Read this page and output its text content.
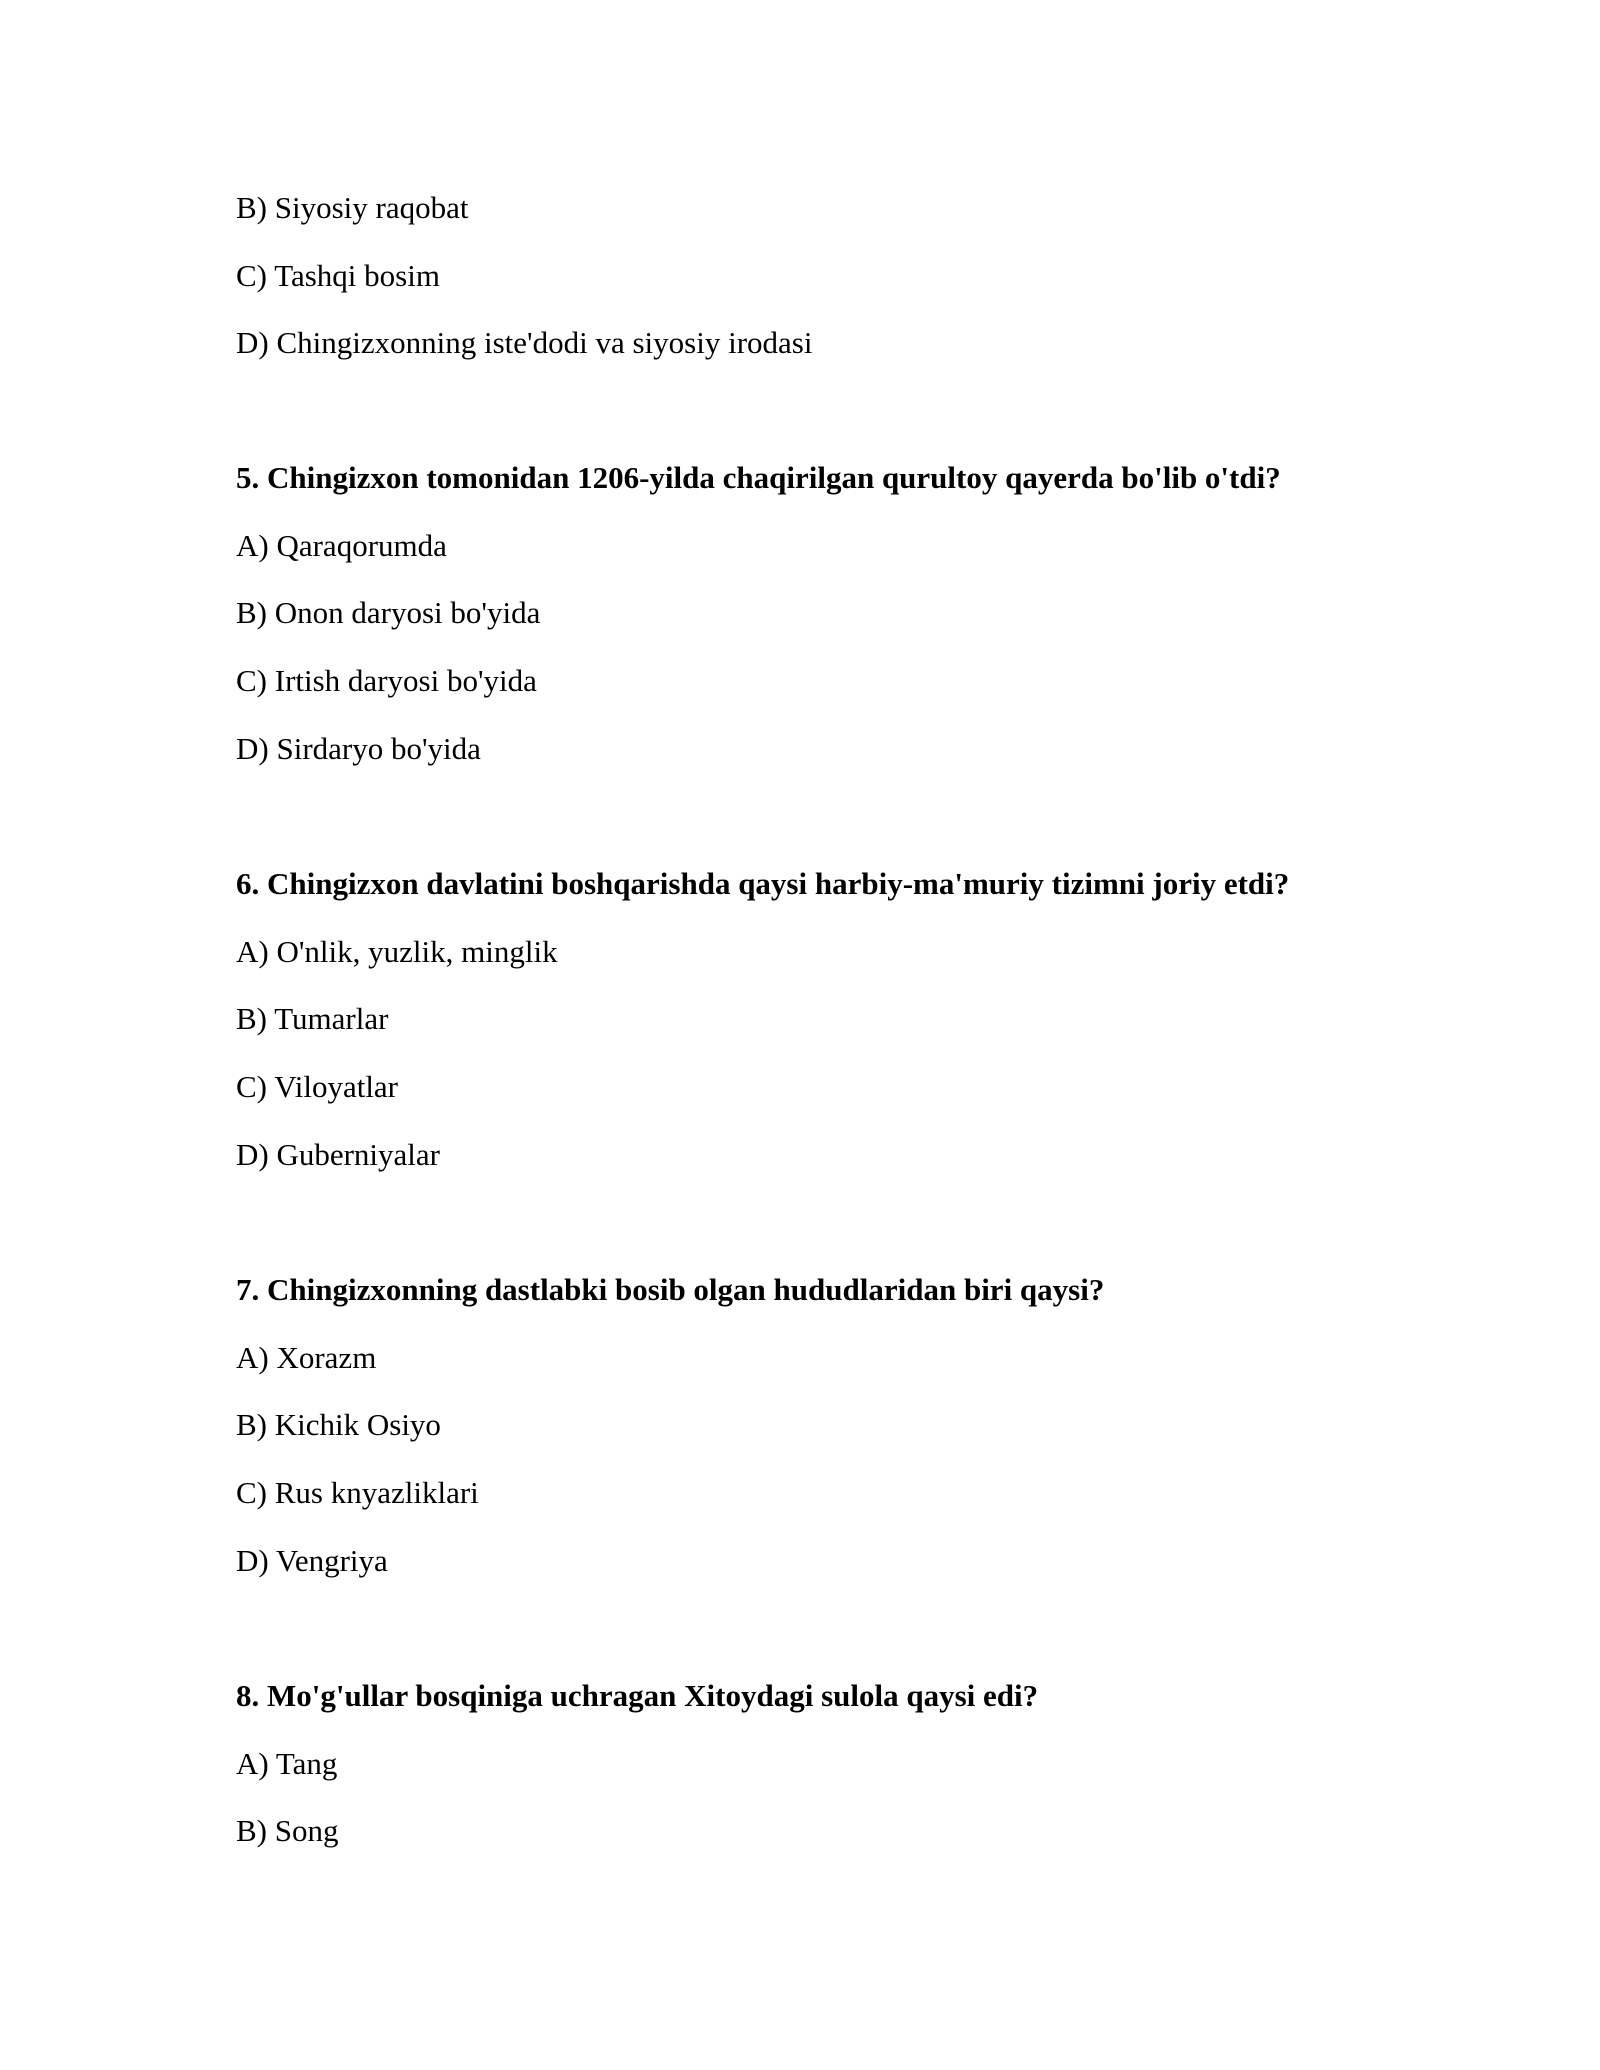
B) Siyosiy raqobat

C) Tashqi bosim

D) Chingizxonning iste'dodi va siyosiy irodasi

5. Chingizxon tomonidan 1206-yilda chaqirilgan qurultoy qayerda bo'lib o'tdi?

A) Qaraqorumda

B) Onon daryosi bo'yida

C) Irtish daryosi bo'yida

D) Sirdaryo bo'yida

6. Chingizxon davlatini boshqarishda qaysi harbiy-ma'muriy tizimni joriy etdi?

A) O'nlik, yuzlik, minglik

B) Tumarlar

C) Viloyatlar

D) Guberniyalar

7. Chingizxonning dastlabki bosib olgan hududlaridan biri qaysi?

A) Xorazm

B) Kichik Osiyo

C) Rus knyazliklari

D) Vengriya

8. Mo'g'ullar bosqiniga uchragan Xitoydagi sulola qaysi edi?

A) Tang

B) Song
